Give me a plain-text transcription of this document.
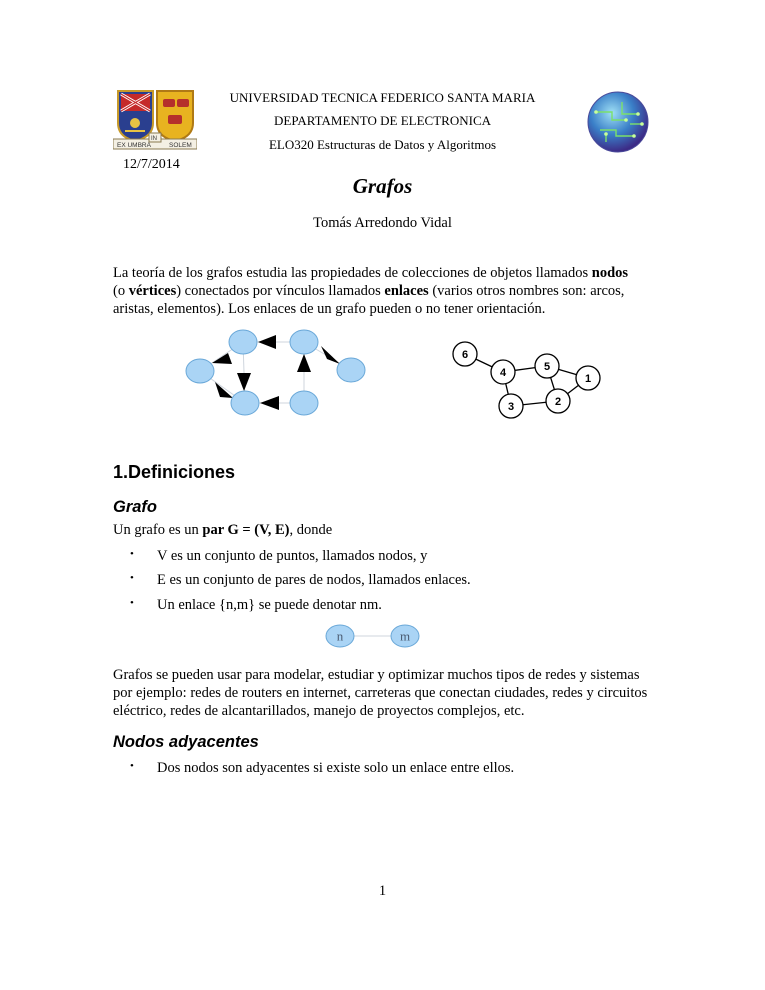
EX UMBRA
IN
SOLEM
UNIVERSIDAD TECNICA FEDERICO SANTA MARIA
DEPARTAMENTO DE ELECTRONICA
ELO320 Estructuras de Datos y Algoritmos
12/7/2014
Grafos
Tomás Arredondo Vidal

La teoría de los grafos estudia las propiedades de colecciones de objetos llamados nodos
(o vértices) conectados por vínculos llamados enlaces (varios otros nombres son: arcos, aristas, elementos). Los enlaces de un grafo pueden o no tener orientación.

6
4	5
1
3	2
1.Definiciones
Grafo
Un grafo es un par G = (V, E), donde
• V es un conjunto de puntos, llamados nodos, y
• E es un conjunto de pares de nodos, llamados enlaces.
• Un enlace {n,m} se puede denotar nm.
n	m

Grafos se pueden usar para modelar, estudiar y optimizar muchos tipos de redes y sistemas por ejemplo: redes de routers en internet, carreteras que conectan ciudades, redes y circuitos eléctrico, redes de alcantarillados, manejo de proyectos complejos, etc.

Nodos adyacentes
• Dos nodos son adyacentes si existe solo un enlace entre ellos.
1
